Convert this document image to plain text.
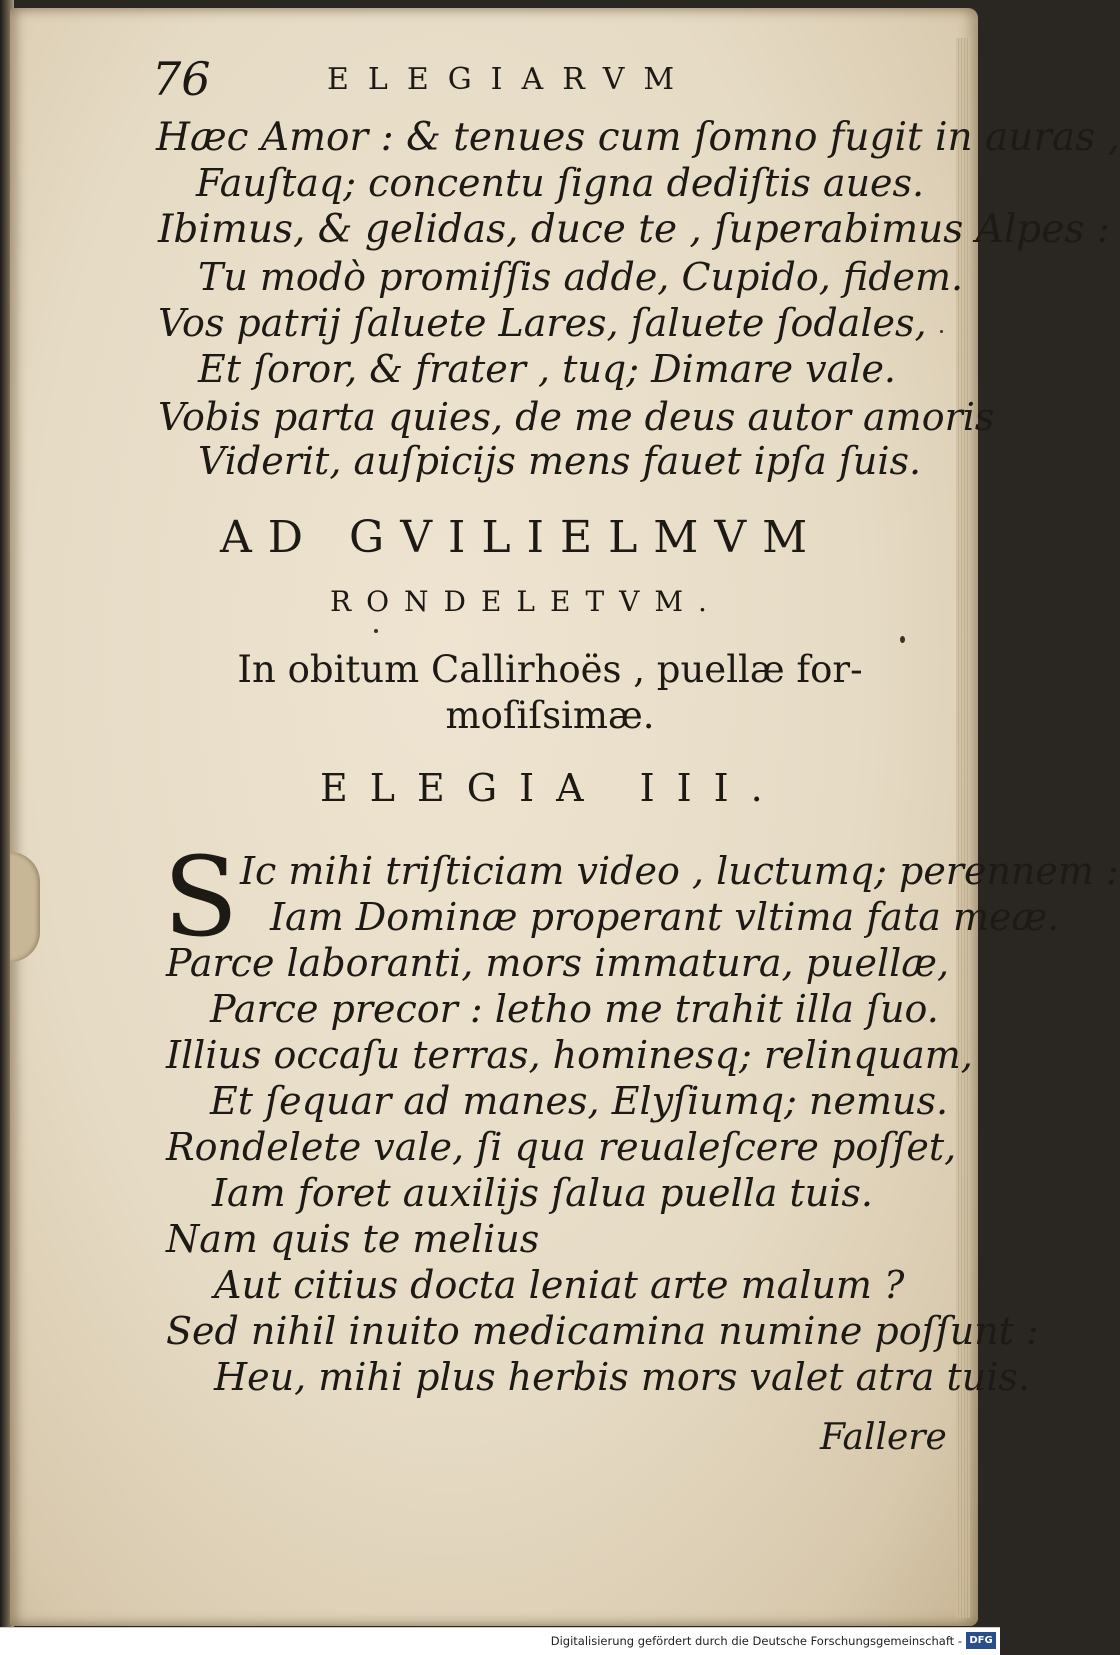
76	ELEGIARVM
Hæc Amor : & tenues cum ſomno fugit in auras ,
Fauſtaq; concentu ſigna dediſtis aues.
Ibimus, & gelidas, duce te , ſuperabimus Alpes :
Tu modò promiſſis adde, Cupido, fidem.
Vos patrij ſaluete Lares, ſaluete ſodales,
Et ſoror, & frater , tuq; Dimare vale.
Vobis parta quies, de me deus autor amoris
Viderit, auſpicijs mens fauet ipſa ſuis.
AD GVILIELMVM
RONDELETVM.
In obitum Callirhoës , puellæ for-
moſiſsimæ.
ELEGIA III.
S Ic mihi triſticiam video , luctumq; perennem :
Iam Dominæ properant vltima fata meæ.
Parce laboranti, mors immatura, puellæ,
Parce precor : letho me trahit illa ſuo.
Illius occaſu terras, hominesq; relinquam,
Et ſequar ad manes, Elyſiumq; nemus.
Rondelete vale, ſi qua reualeſcere poſſet,
Iam foret auxilijs ſalua puella tuis.
Nam quis te melius
Aut citius docta leniat arte malum ?
Sed nihil inuito medicamina numine poſſunt :
Heu, mihi plus herbis mors valet atra tuis.
Fallere
Digitalisierung gefördert durch die Deutsche Forschungsgemeinschaft - DFG
